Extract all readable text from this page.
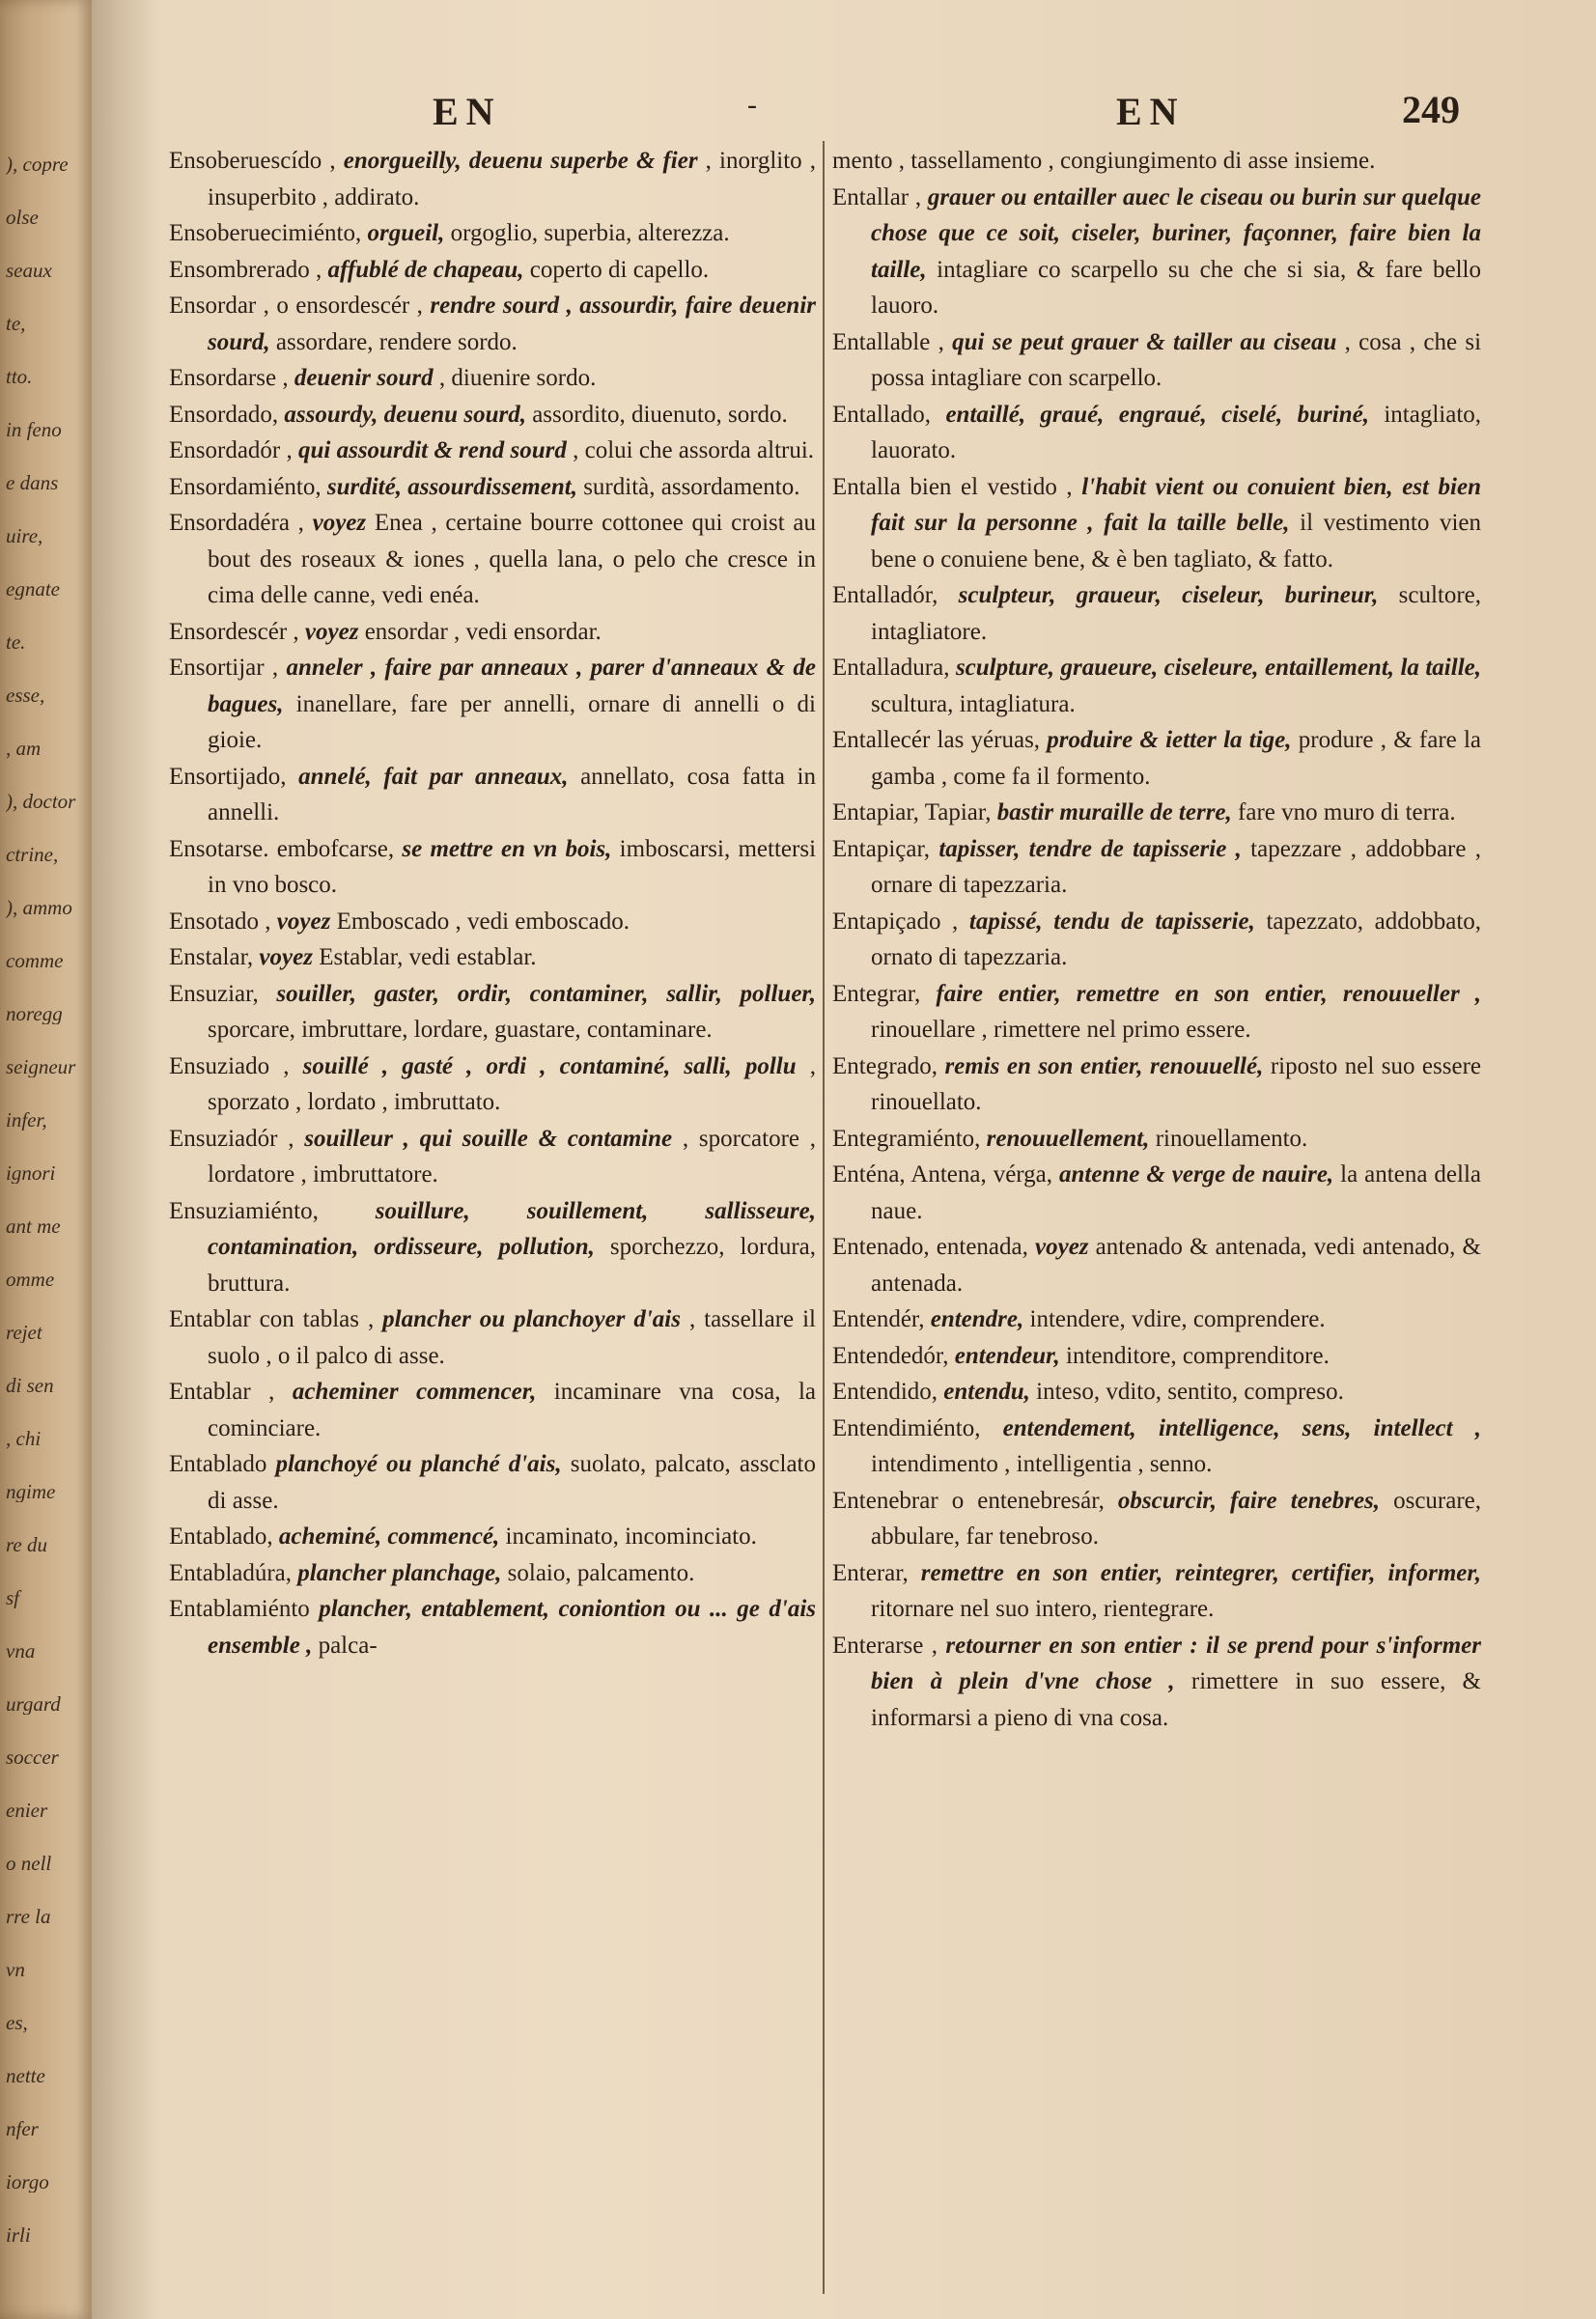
), copre
olse
seaux
te,
tto.
in feno
e dans
uire,
egnate
te.
esse,
, am
), doctor
ctrine,
), ammo
comme
noregg
seigneur
infer,
ignori
ant me
omme
rejet
di sen
, chi
ngime
re du
sf
vna
urgard
soccer
enier
o nell
rre la
vn
es,
nette
nfer
iorgo
irli
EN	-	EN	249

Ensoberuescído , enorgueilly, deuenu superbe & fier , inorglito , insuperbito , addirato.

Ensoberuecimiénto, orgueil, orgoglio, superbia, alterezza.

Ensombrerado , affublé de chapeau, coperto di capello.

Ensordar , o ensordescér , rendre sourd , assourdir, faire deuenir sourd, assordare, rendere sordo.

Ensordarse , deuenir sourd , diuenire sordo.

Ensordado, assourdy, deuenu sourd, assordito, diuenuto, sordo.

Ensordadór , qui assourdit & rend sourd , colui che assorda altrui.

Ensordamiénto, surdité, assourdissement, surdità, assordamento.

Ensordadéra , voyez Enea , certaine bourre cottonee qui croist au bout des roseaux & iones , quella lana, o pelo che cresce in cima delle canne, vedi enéa.

Ensordescér , voyez ensordar , vedi ensordar.

Ensortijar , anneler , faire par anneaux , parer d'anneaux & de bagues, inanellare, fare per annelli, ornare di annelli o di gioie.

Ensortijado, annelé, fait par anneaux, annellato, cosa fatta in annelli.

Ensotarse. embofcarse, se mettre en vn bois, imboscarsi, mettersi in vno bosco.

Ensotado , voyez Emboscado , vedi emboscado.

Enstalar, voyez Establar, vedi establar.

Ensuziar, souiller, gaster, ordir, contaminer, sallir, polluer, sporcare, imbruttare, lordare, guastare, contaminare.

Ensuziado , souillé , gasté , ordi , contaminé, salli, pollu , sporzato , lordato , imbruttato.

Ensuziadór , souilleur , qui souille & contamine , sporcatore , lordatore , imbruttatore.

Ensuziamiénto, souillure, souillement, sallisseure, contamination, ordisseure, pollution, sporchezzo, lordura, bruttura.

Entablar con tablas , plancher ou planchoyer d'ais , tassellare il suolo , o il palco di asse.

Entablar , acheminer commencer, incaminare vna cosa, la cominciare.

Entablado planchoyé ou planché d'ais, suolato, palcato, assclato di asse.

Entablado, acheminé, commencé, incaminato, incominciato.

Entabladúra, plancher planchage, solaio, palcamento.

Entablamiénto plancher, entablement, coniontion ou ... ge d'ais ensemble , palca-

mento , tassellamento , congiungimento di asse insieme.

Entallar , grauer ou entailler auec le ciseau ou burin sur quelque chose que ce soit, ciseler, buriner, façonner, faire bien la taille, intagliare co scarpello su che che si sia, & fare bello lauoro.

Entallable , qui se peut grauer & tailler au ciseau , cosa , che si possa intagliare con scarpello.

Entallado, entaillé, graué, engraué, ciselé, buriné, intagliato, lauorato.

Entalla bien el vestido , l'habit vient ou conuient bien, est bien fait sur la personne , fait la taille belle, il vestimento vien bene o conuiene bene, & è ben tagliato, & fatto.

Entalladór, sculpteur, graueur, ciseleur, burineur, scultore, intagliatore.

Entalladura, sculpture, graueure, ciseleure, entaillement, la taille, scultura, intagliatura.

Entallecér las yéruas, produire & ietter la tige, produre , & fare la gamba , come fa il formento.

Entapiar, Tapiar, bastir muraille de terre, fare vno muro di terra.

Entapiçar, tapisser, tendre de tapisserie , tapezzare , addobbare , ornare di tapezzaria.

Entapiçado , tapissé, tendu de tapisserie, tapezzato, addobbato, ornato di tapezzaria.

Entegrar, faire entier, remettre en son entier, renouueller , rinouellare , rimettere nel primo essere.

Entegrado, remis en son entier, renouuellé, riposto nel suo essere rinouellato.

Entegramiénto, renouuellement, rinouellamento.

Enténa, Antena, vérga, antenne & verge de nauire, la antena della naue.

Entenado, entenada, voyez antenado & antenada, vedi antenado, & antenada.

Entendér, entendre, intendere, vdire, comprendere.

Entendedór, entendeur, intenditore, comprenditore.

Entendido, entendu, inteso, vdito, sentito, compreso.

Entendimiénto, entendement, intelligence, sens, intellect , intendimento , intelligentia , senno.

Entenebrar o entenebresár, obscurcir, faire tenebres, oscurare, abbulare, far tenebroso.

Enterar, remettre en son entier, reintegrer, certifier, informer, ritornare nel suo intero, rientegrare.

Enterarse , retourner en son entier : il se prend pour s'informer bien à plein d'vne chose , rimettere in suo essere, & informarsi a pieno di vna cosa.
